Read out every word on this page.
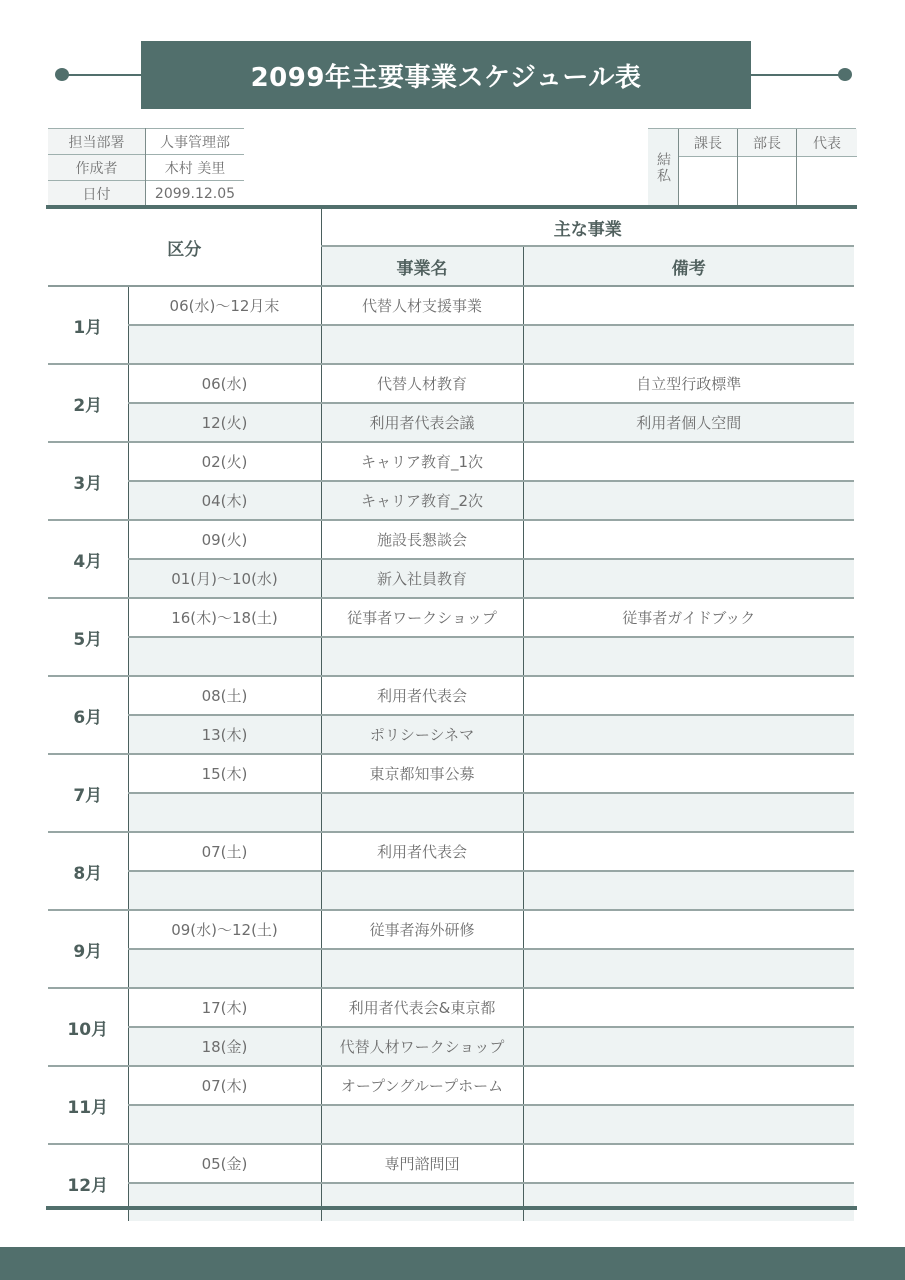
2099年主要事業スケジュール表
担当部署	人事管理部
作成者	木村 美里
日付	2099.12.05
結私
課長	部長	代表
区分		主な事業	
		事業名	備考
1月	06(水)〜12月末	代替人材支援事業	

2月	06(水)	代替人材教育	自立型行政標準
	12(火)	利用者代表会議	利用者個人空間
3月	02(火)	キャリア教育_1次	
	04(木)	キャリア教育_2次	
4月	09(火)	施設長懇談会	
	01(月)〜10(水)	新入社員教育	
5月	16(木)〜18(土)	従事者ワークショップ	従事者ガイドブック

6月	08(土)	利用者代表会	
	13(木)	ポリシーシネマ	
7月	15(木)	東京都知事公募	

8月	07(土)	利用者代表会	

9月	09(水)〜12(土)	従事者海外研修	

10月	17(木)	利用者代表会&東京都	
	18(金)	代替人材ワークショップ	
11月	07(木)	オープングループホーム	

12月	05(金)	専門諮問団	
